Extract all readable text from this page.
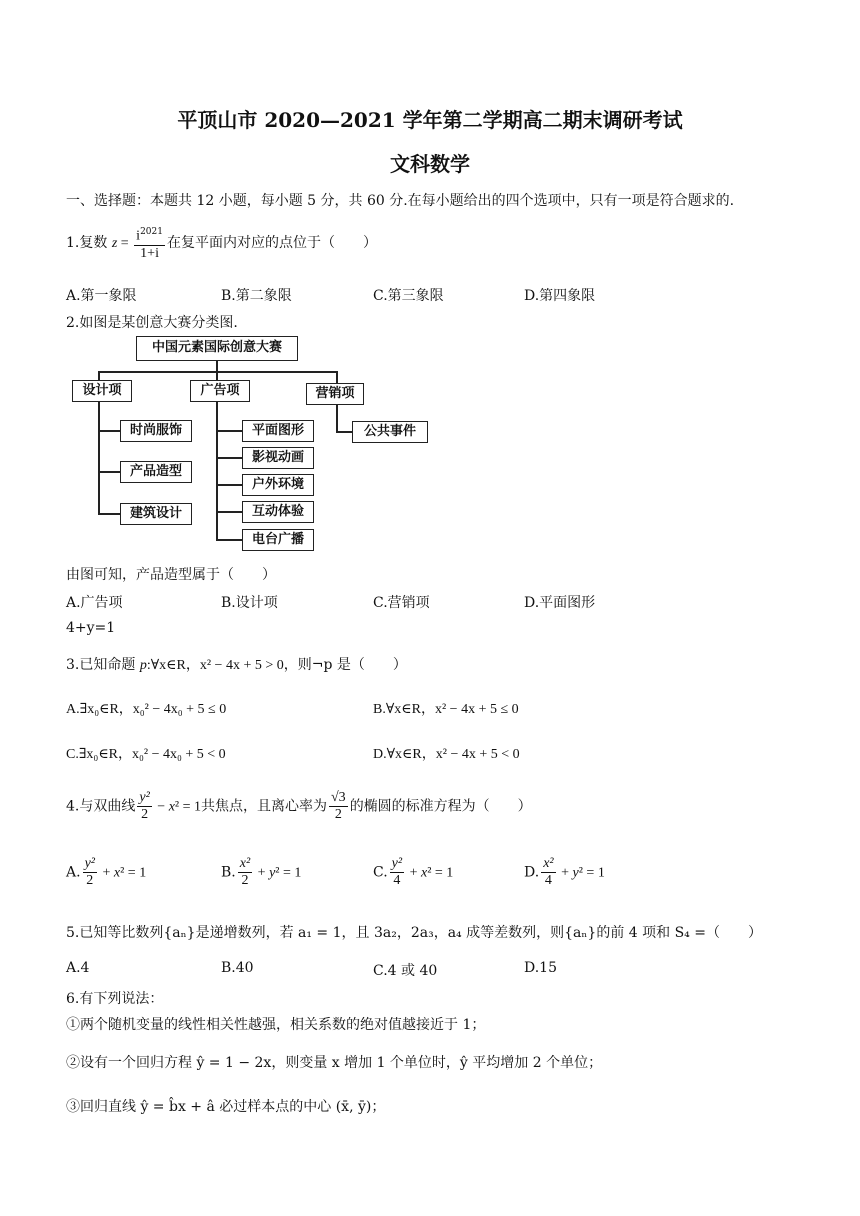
平顶山市 2020—2021 学年第二学期高二期末调研考试
文科数学
一、选择题：本题共 12 小题，每小题 5 分，共 60 分.在每小题给出的四个选项中，只有一项是符合题求的.
1.复数 $z = \frac{i^{2021}}{1+i}$ 在复平面内对应的点位于（　　）
A.第一象限	B.第二象限	C.第三象限	D.第四象限
2.如图是某创意大赛分类图.
中国元素国际创意大赛
设计项	广告项	营销项
时尚服饰
产品造型
建筑设计
平面图形
影视动画
户外环境
互动体验
电台广播
公共事件
由图可知，产品造型属于（　　）
A.广告项	B.设计项	C.营销项	D.平面图形
4+y=1
3.已知命题 p:∀x∈R，x² − 4x + 5 > 0，则¬p 是（　　）
A.∃x₀∈R，x₀² − 4x₀ + 5 ≤ 0	B.∀x∈R，x² − 4x + 5 ≤ 0
C.∃x₀∈R，x₀² − 4x₀ + 5 < 0	D.∀x∈R，x² − 4x + 5 < 0
4.与双曲线 $\frac{\text{y²}}{2} - x^2 = 1$共焦点，且离心率为 $\frac{√3}{2}$ 的椭圆的标准方程为（　　）
A. $\frac{\text{y²}}{2} + x^2 = 1$	B. $\frac{\text{x²}}{2} + y^2 = 1$	C. $\frac{\text{y²}}{4} + x^2 = 1$	D. $\frac{\text{x²}}{4} + y^2 = 1$
5.已知等比数列{aₙ}是递增数列，若 a₁ = 1，且 3a₂，2a₃，a₄ 成等差数列，则{aₙ}的前 4 项和 S₄ =（　　）
A.4	B.40	C.4 或 40	D.15
6.有下列说法：
①两个随机变量的线性相关性越强，相关系数的绝对值越接近于 1；
②设有一个回归方程 ŷ = 1 − 2x，则变量 x 增加 1 个单位时，ŷ 平均增加 2 个单位；
③回归直线 ŷ = b̂x + â 必过样本点的中心 (x̄, ȳ)；
